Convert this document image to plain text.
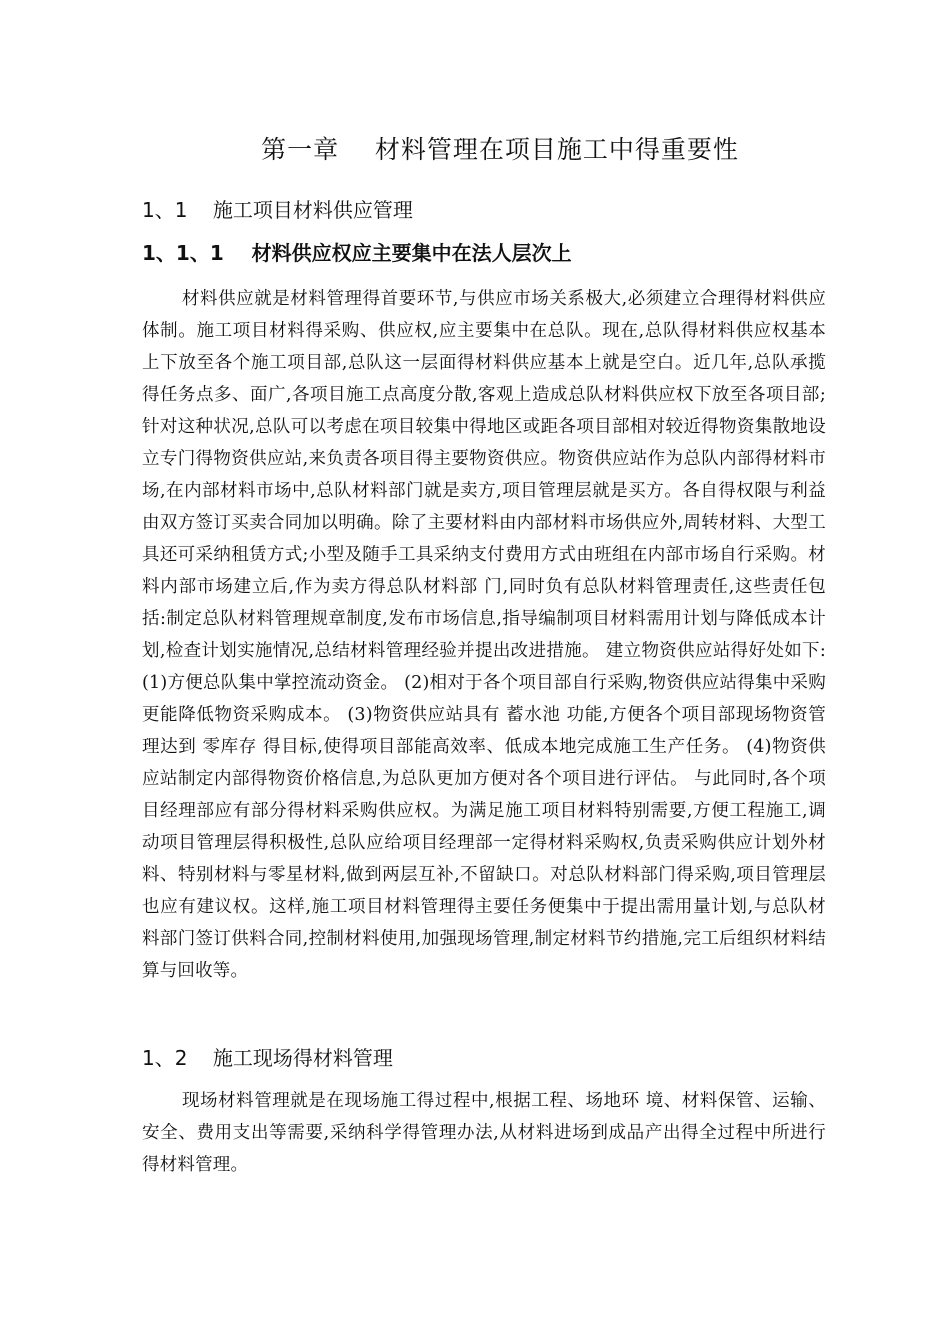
第一章    材料管理在项目施工中得重要性
1、1    施工项目材料供应管理
1、1、1    材料供应权应主要集中在法人层次上

材料供应就是材料管理得首要环节,与供应市场关系极大,必须建立合理得材料供应体制。施工项目材料得采购、供应权,应主要集中在总队。现在,总队得材料供应权基本上下放至各个施工项目部,总队这一层面得材料供应基本上就是空白。近几年,总队承揽得任务点多、面广,各项目施工点高度分散,客观上造成总队材料供应权下放至各项目部;针对这种状况,总队可以考虑在项目较集中得地区或距各项目部相对较近得物资集散地设立专门得物资供应站,来负责各项目得主要物资供应。物资供应站作为总队内部得材料市场,在内部材料市场中,总队材料部门就是卖方,项目管理层就是买方。各自得权限与利益由双方签订买卖合同加以明确。除了主要材料由内部材料市场供应外,周转材料、大型工具还可采纳租赁方式;小型及随手工具采纳支付费用方式由班组在内部市场自行采购。材料内部市场建立后,作为卖方得总队材料部 门,同时负有总队材料管理责任,这些责任包括:制定总队材料管理规章制度,发布市场信息,指导编制项目材料需用计划与降低成本计划,检查计划实施情况,总结材料管理经验并提出改进措施。 建立物资供应站得好处如下: (1)方便总队集中掌控流动资金。 (2)相对于各个项目部自行采购,物资供应站得集中采购更能降低物资采购成本。 (3)物资供应站具有 蓄水池 功能,方便各个项目部现场物资管理达到 零库存 得目标,使得项目部能高效率、低成本地完成施工生产任务。 (4)物资供应站制定内部得物资价格信息,为总队更加方便对各个项目进行评估。 与此同时,各个项目经理部应有部分得材料采购供应权。为满足施工项目材料特别需要,方便工程施工,调动项目管理层得积极性,总队应给项目经理部一定得材料采购权,负责采购供应计划外材料、特别材料与零星材料,做到两层互补,不留缺口。对总队材料部门得采购,项目管理层也应有建议权。这样,施工项目材料管理得主要任务便集中于提出需用量计划,与总队材料部门签订供料合同,控制材料使用,加强现场管理,制定材料节约措施,完工后组织材料结算与回收等。

1、2    施工现场得材料管理

现场材料管理就是在现场施工得过程中,根据工程、场地环 境、材料保管、运输、安全、费用支出等需要,采纳科学得管理办法,从材料进场到成品产出得全过程中所进行得材料管理。
